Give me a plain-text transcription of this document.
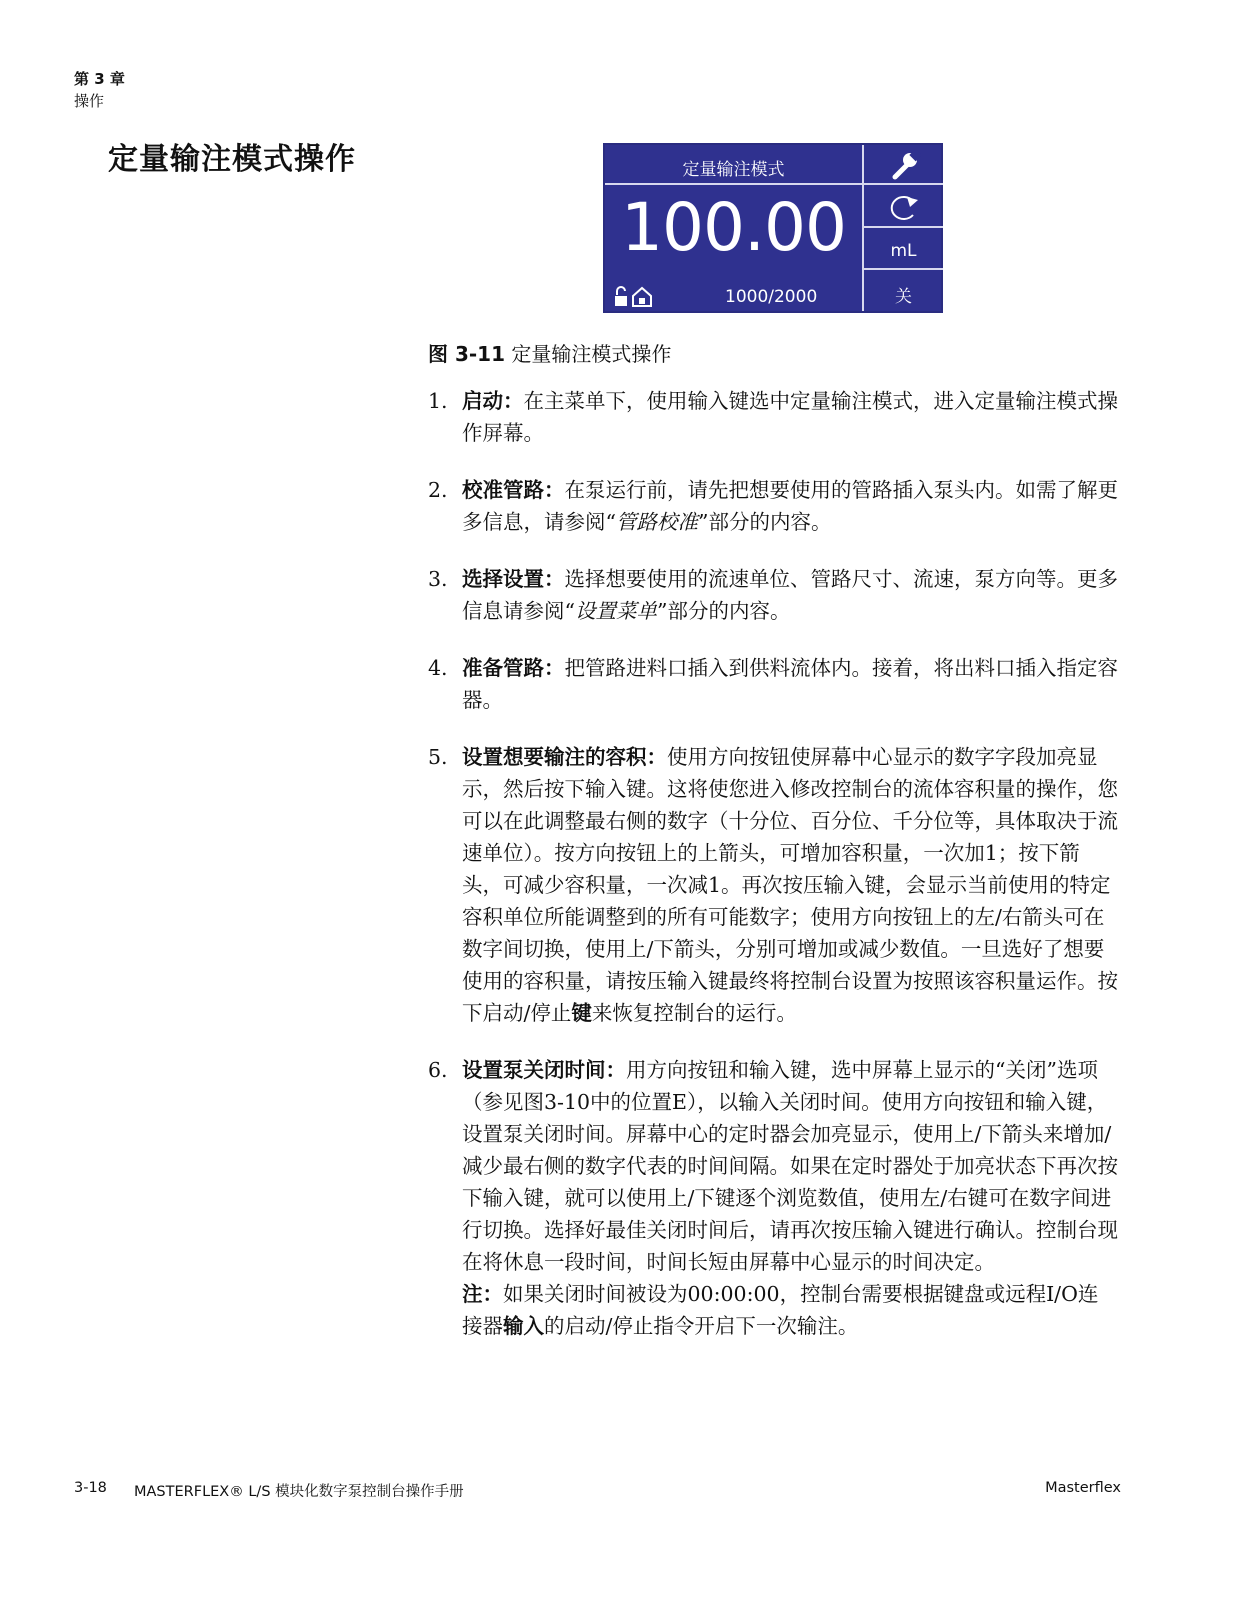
第 3 章
操作
定量输注模式操作	定量输注模式
100.00
1000/2000
mL
关
图 3-11 定量输注模式操作
1. 启动：在主菜单下，使用输入键选中定量输注模式，进入定量输注模式操作屏幕。
2. 校准管路：在泵运行前，请先把想要使用的管路插入泵头内。如需了解更多信息，请参阅“管路校准”部分的内容。
3. 选择设置：选择想要使用的流速单位、管路尺寸、流速，泵方向等。更多信息请参阅“设置菜单”部分的内容。
4. 准备管路：把管路进料口插入到供料流体内。接着，将出料口插入指定容器。
5. 设置想要输注的容积：使用方向按钮使屏幕中心显示的数字字段加亮显示，然后按下输入键。这将使您进入修改控制台的流体容积量的操作，您可以在此调整最右侧的数字（十分位、百分位、千分位等，具体取决于流速单位）。按方向按钮上的上箭头，可增加容积量，一次加1；按下箭头，可减少容积量，一次减1。再次按压输入键，会显示当前使用的特定容积单位所能调整到的所有可能数字；使用方向按钮上的左/右箭头可在数字间切换，使用上/下箭头，分别可增加或减少数值。一旦选好了想要使用的容积量，请按压输入键最终将控制台设置为按照该容积量运作。按下启动/停止键来恢复控制台的运行。
6. 设置泵关闭时间：用方向按钮和输入键，选中屏幕上显示的“关闭”选项（参见图3-10中的位置E），以输入关闭时间。使用方向按钮和输入键，设置泵关闭时间。屏幕中心的定时器会加亮显示，使用上/下箭头来增加/减少最右侧的数字代表的时间间隔。如果在定时器处于加亮状态下再次按下输入键，就可以使用上/下键逐个浏览数值，使用左/右键可在数字间进行切换。选择好最佳关闭时间后，请再次按压输入键进行确认。控制台现在将休息一段时间，时间长短由屏幕中心显示的时间决定。
注：如果关闭时间被设为00:00:00，控制台需要根据键盘或远程I/O连接器输入的启动/停止指令开启下一次输注。
3-18 MASTERFLEX® L/S 模块化数字泵控制台操作手册	Masterflex
